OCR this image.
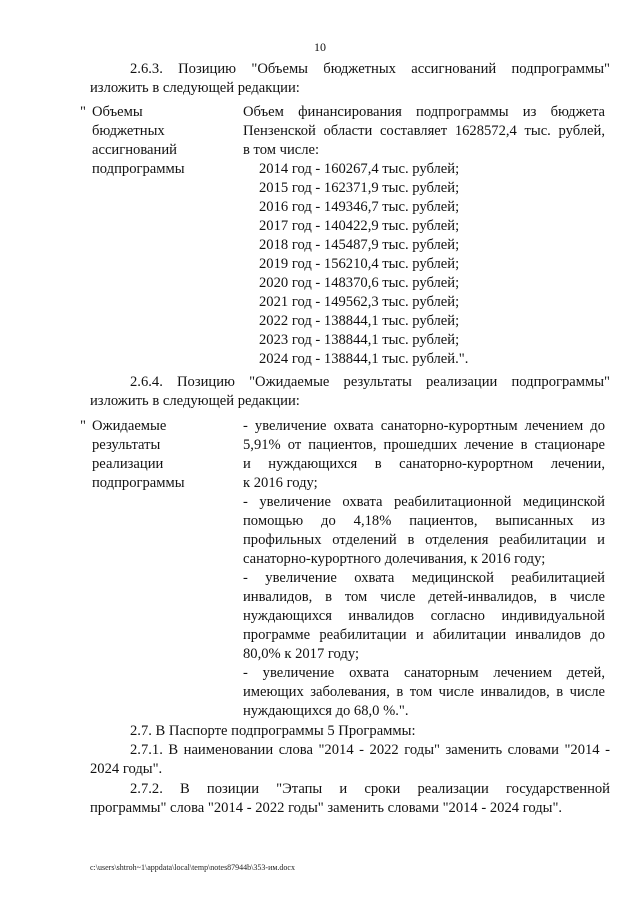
10
2.6.3. Позицию "Объемы бюджетных ассигнований подпрограммы"
изложить в следующей редакции:
" Объемы
бюджетных
ассигнований
подпрограммы
Объем финансирования подпрограммы из бюджета
Пензенской области составляет 1628572,4 тыс. рублей,
в том числе:
2014 год - 160267,4 тыс. рублей;
2015 год - 162371,9 тыс. рублей;
2016 год - 149346,7 тыс. рублей;
2017 год - 140422,9 тыс. рублей;
2018 год - 145487,9 тыс. рублей;
2019 год - 156210,4 тыс. рублей;
2020 год - 148370,6 тыс. рублей;
2021 год - 149562,3 тыс. рублей;
2022 год - 138844,1 тыс. рублей;
2023 год - 138844,1 тыс. рублей;
2024 год - 138844,1 тыс. рублей.".
2.6.4. Позицию "Ожидаемые результаты реализации подпрограммы"
изложить в следующей редакции:
" Ожидаемые
результаты
реализации
подпрограммы
- увеличение охвата санаторно-курортным лечением до
5,91% от пациентов, прошедших лечение в стационаре
и нуждающихся в санаторно-курортном лечении,
к 2016 году;
- увеличение охвата реабилитационной медицинской
помощью до 4,18% пациентов, выписанных из
профильных отделений в отделения реабилитации и
санаторно-курортного долечивания, к 2016 году;
- увеличение охвата медицинской реабилитацией
инвалидов, в том числе детей-инвалидов, в числе
нуждающихся инвалидов согласно индивидуальной
программе реабилитации и абилитации инвалидов до
80,0% к 2017 году;
- увеличение охвата санаторным лечением детей,
имеющих заболевания, в том числе инвалидов, в числе
нуждающихся до 68,0 %.".
2.7. В Паспорте подпрограммы 5 Программы:
2.7.1. В наименовании слова "2014 - 2022 годы" заменить словами "2014 -
2024 годы".
2.7.2. В позиции "Этапы и сроки реализации государственной
программы" слова "2014 - 2022 годы" заменить словами "2014 - 2024 годы".
c:\users\shtroh~1\appdata\local\temp\notes87944b\353-им.docx
